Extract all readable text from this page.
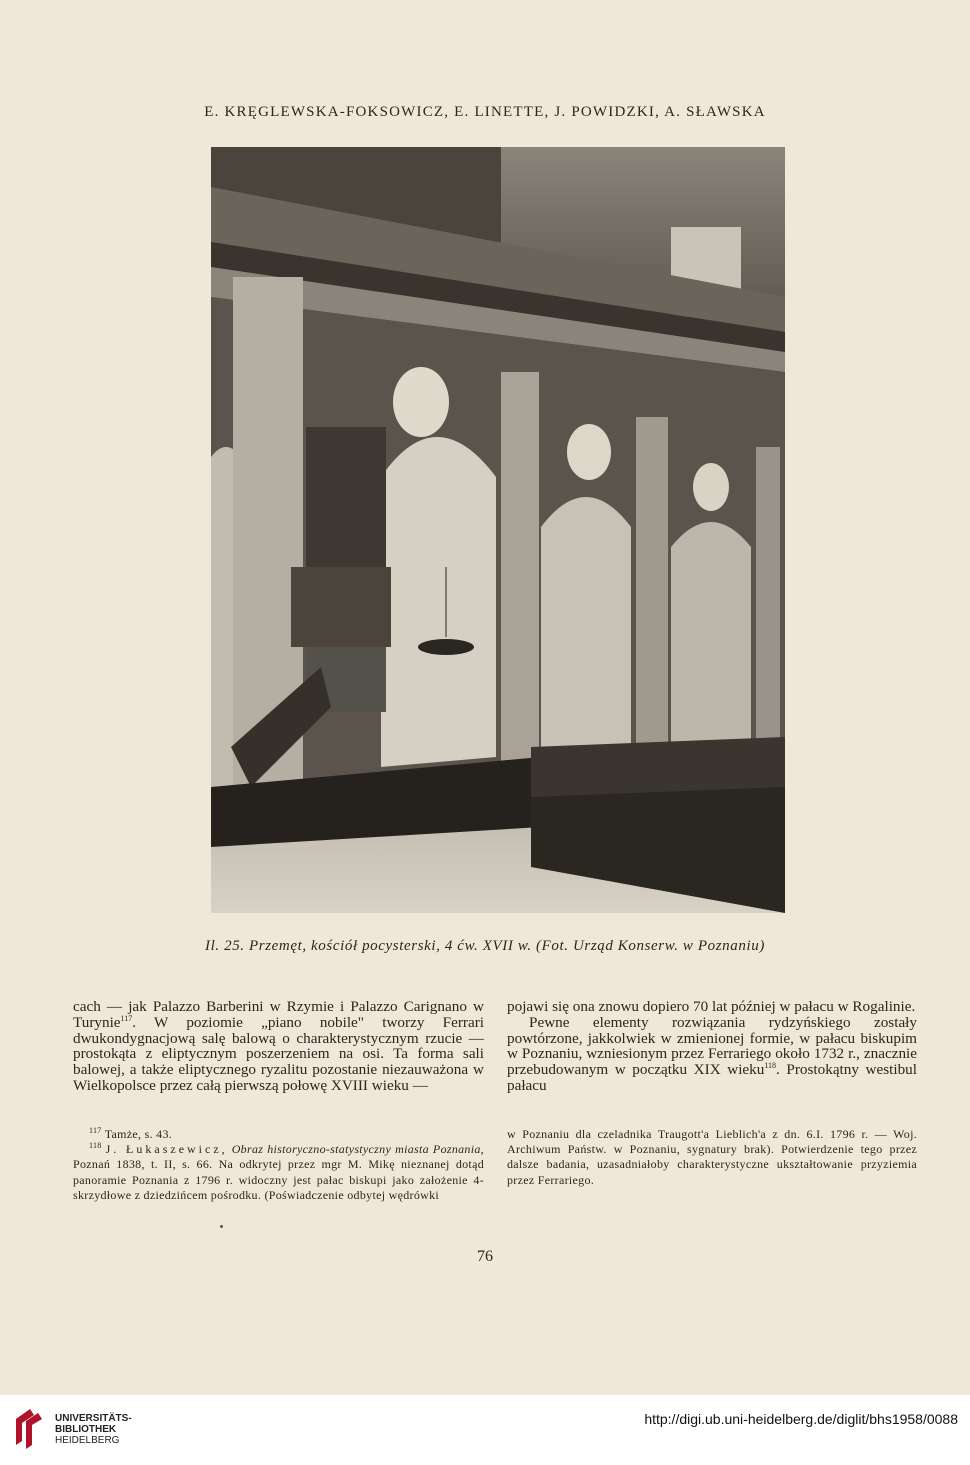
E. KRĘGLEWSKA-FOKSOWICZ, E. LINETTE, J. POWIDZKI, A. SŁAWSKA
Il. 25. Przemęt, kościół pocysterski, 4 ćw. XVII w. (Fot. Urząd Konserw. w Poznaniu)

cach — jak Palazzo Barberini w Rzymie i Palazzo Carignano w Turynie$^{117}$. W poziomie „piano nobile" tworzy Ferrari dwukondygnacjową salę balową o charakterystycznym rzucie — prostokąta z eliptycznym poszerzeniem na osi. Ta forma sali balowej, a także eliptycznego ryzalitu pozostanie niezauważona w Wielkopolsce przez całą pierwszą połowę XVIII wieku —

pojawi się ona znowu dopiero 70 lat później w pałacu w Rogalinie.

Pewne elementy rozwiązania rydzyńskiego zostały powtórzone, jakkolwiek w zmienionej formie, w pałacu biskupim w Poznaniu, wzniesionym przez Ferrariego około 1732 r., znacznie przebudowanym w początku XIX wieku$^{118}$. Prostokątny westibul pałacu

$^{117}$ Tamże, s. 43.

$^{118}$ J. Łukaszewicz, Obraz historyczno-statystyczny miasta Poznania, Poznań 1838, t. II, s. 66. Na odkrytej przez mgr M. Mikę nieznanej dotąd panoramie Poznania z 1796 r. widoczny jest pałac biskupi jako założenie 4-skrzydłowe z dziedzińcem pośrodku. (Poświadczenie odbytej wędrówki

w Poznaniu dla czeladnika Traugott'a Lieblich'a z dn. 6.I. 1796 r. — Woj. Archiwum Państw. w Poznaniu, sygnatury brak). Potwierdzenie tego przez dalsze badania, uzasadniałoby charakterystyczne ukształtowanie przyziemia przez Ferrariego.

76
UNIVERSITÄTS-
BIBLIOTHEK
HEIDELBERG
http://digi.ub.uni-heidelberg.de/diglit/bhs1958/0088
